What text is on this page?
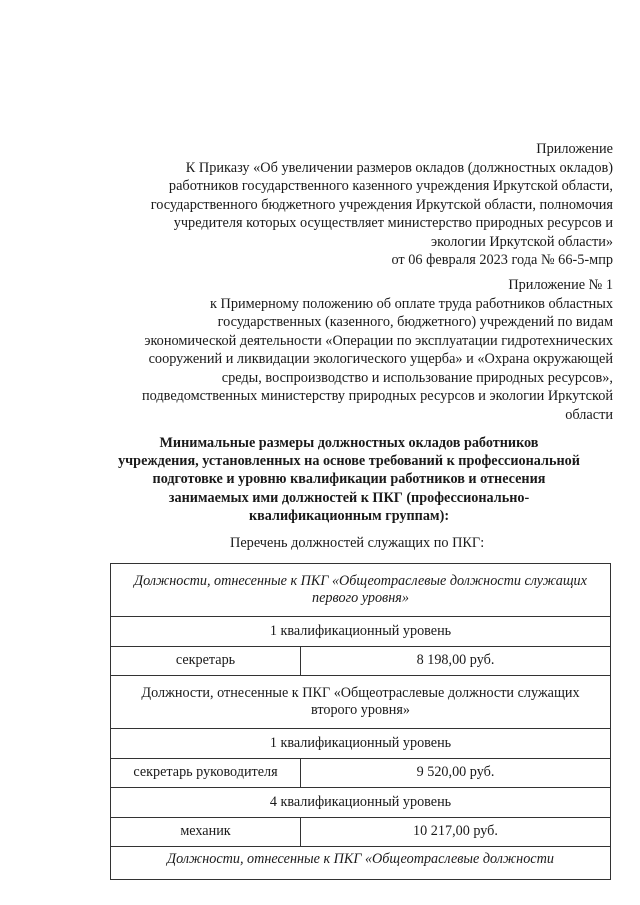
Приложение
К Приказу «Об увеличении размеров окладов (должностных окладов)
работников государственного казенного учреждения Иркутской области,
государственного бюджетного учреждения Иркутской области, полномочия
учредителя которых осуществляет министерство природных ресурсов и
экологии Иркутской области»
от 06 февраля 2023 года № 66-5-мпр
Приложение № 1
к Примерному положению об оплате труда работников областных
государственных (казенного, бюджетного) учреждений по видам
экономической деятельности «Операции по эксплуатации гидротехнических
сооружений и ликвидации экологического ущерба» и «Охрана окружающей
среды, воспроизводство и использование природных ресурсов»,
подведомственных министерству природных ресурсов и экологии Иркутской
области
Минимальные размеры должностных окладов работников
учреждения, установленных на основе требований к профессиональной
подготовке и уровню квалификации работников и отнесения
занимаемых ими должностей к ПКГ (профессионально-
квалификационным группам):
Перечень должностей служащих по ПКГ:
Должности, отнесенные к ПКГ «Общеотраслевые должности служащих первого уровня»	
1 квалификационный уровень	
секретарь	8 198,00 руб.
Должности, отнесенные к ПКГ «Общеотраслевые должности служащих второго уровня»	
1 квалификационный уровень	
секретарь руководителя	9 520,00 руб.
4 квалификационный уровень	
механик	10 217,00 руб.
Должности, отнесенные к ПКГ «Общеотраслевые должности	
